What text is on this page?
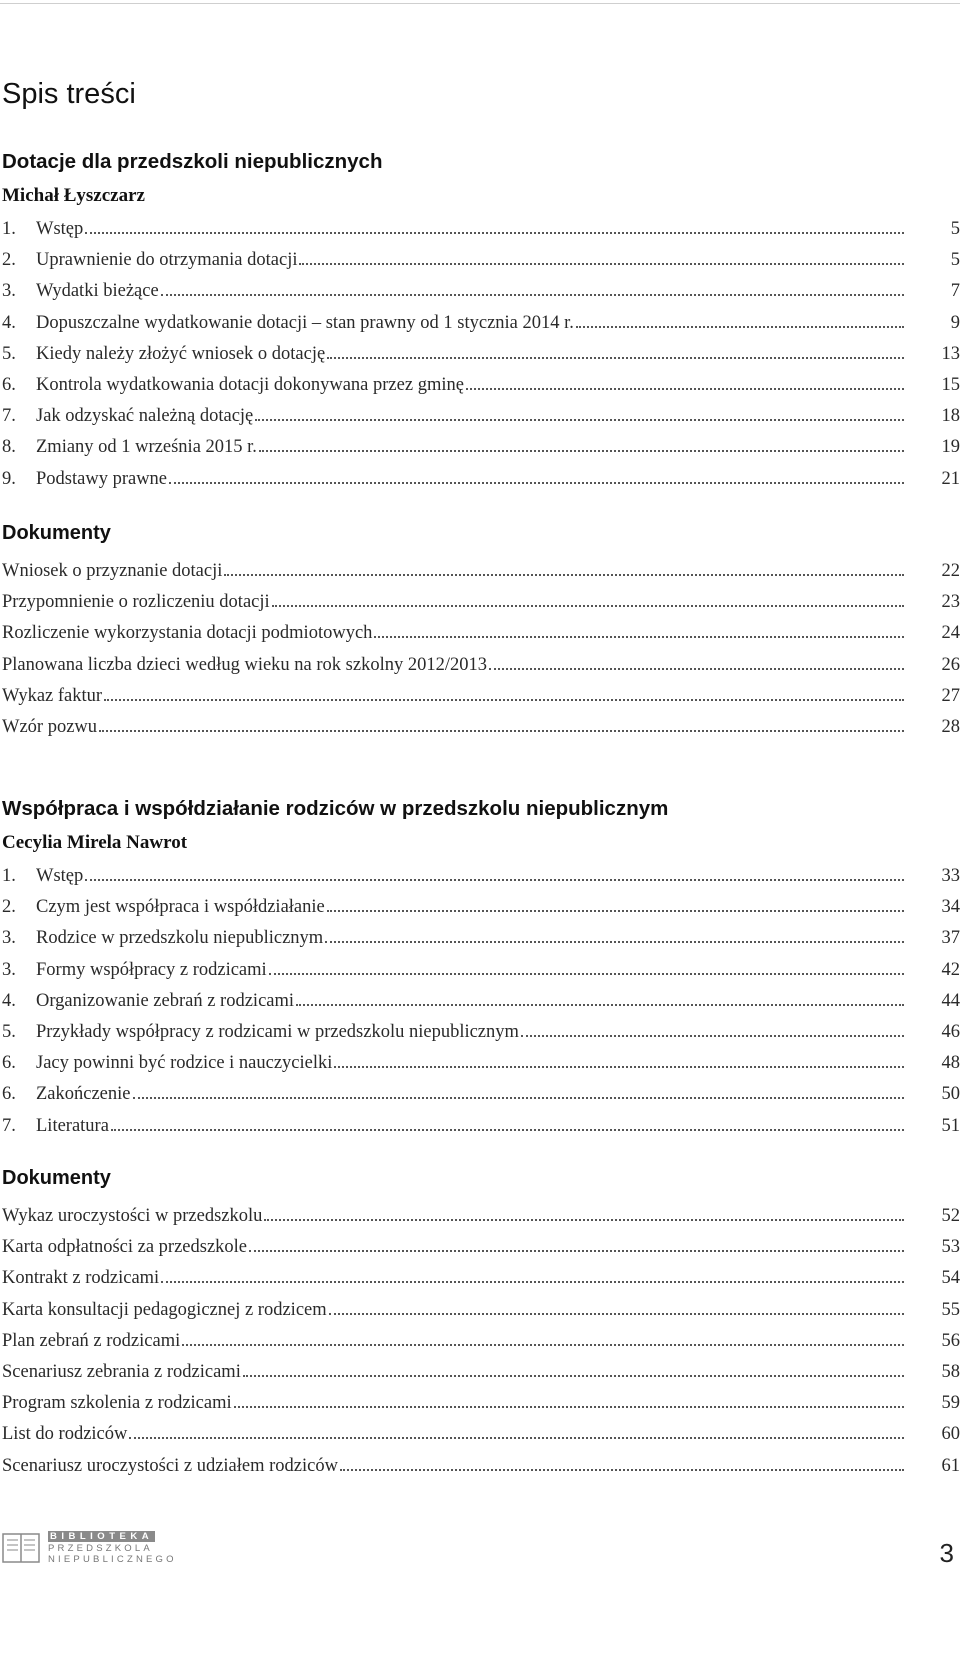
Spis treści
Dotacje dla przedszkoli niepublicznych
Michał Łyszczarz
1.	Wstęp	5
2.	Uprawnienie do otrzymania dotacji	5
3.	Wydatki bieżące	7
4.	Dopuszczalne wydatkowanie dotacji – stan prawny od 1 stycznia 2014 r.	9
5.	Kiedy należy złożyć wniosek o dotację	13
6.	Kontrola wydatkowania dotacji dokonywana przez gminę	15
7.	Jak odzyskać należną dotację	18
8.	Zmiany od 1 września 2015 r.	19
9.	Podstawy prawne	21
Dokumenty
Wniosek o przyznanie dotacji	22
Przypomnienie o rozliczeniu dotacji	23
Rozliczenie wykorzystania dotacji podmiotowych	24
Planowana liczba dzieci według wieku na rok szkolny 2012/2013	26
Wykaz faktur	27
Wzór pozwu	28
Współpraca i współdziałanie rodziców w przedszkolu niepublicznym
Cecylia Mirela Nawrot
1.	Wstęp	33
2.	Czym jest współpraca i współdziałanie	34
3.	Rodzice w przedszkolu niepublicznym	37
3.	Formy współpracy z rodzicami	42
4.	Organizowanie zebrań z rodzicami	44
5.	Przykłady współpracy z rodzicami w przedszkolu niepublicznym	46
6.	Jacy powinni być rodzice i nauczycielki	48
6.	Zakończenie	50
7.	Literatura	51
Dokumenty
Wykaz uroczystości w przedszkolu	52
Karta odpłatności za przedszkole	53
Kontrakt z rodzicami	54
Karta konsultacji pedagogicznej z rodzicem	55
Plan zebrań z rodzicami	56
Scenariusz zebrania z rodzicami	58
Program szkolenia z rodzicami	59
List do rodziców	60
Scenariusz uroczystości z udziałem rodziców	61
BIBLIOTEKA
PRZEDSZKOLA
NIEPUBLICZNEGO	3
